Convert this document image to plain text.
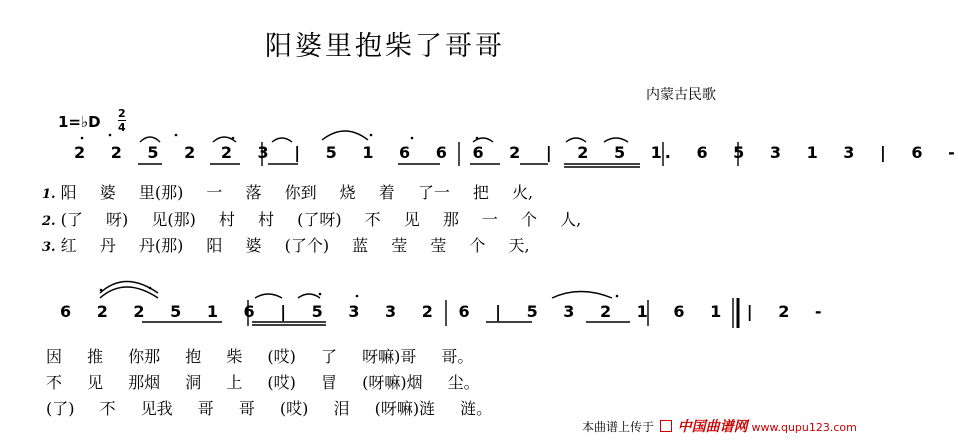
阳婆里抱柴了哥哥
内蒙古民歌
1=♭D 2
4
2 2 5 2 2 3 | 5 1 6 6 6 2 | 2 5 1. 6 5 3 1 3 | 6 -
1. 阳 婆 里(那) 一 落 你到 烧 着 了一 把 火,
2. (了 呀) 见(那) 村 村 (了呀) 不 见 那 一 个 人,
3. 红 丹 丹(那) 阳 婆 (了个) 蓝 莹 莹 个 天,
6 2 2 5 1 6 | 5 3 3 2 6 | 5 3 2 1 6 1 | 2 -
因 推 你那 抱 柴 (哎) 了 呀嘛)哥 哥。
不 见 那烟 洞 上 (哎) 冒 (呀嘛)烟 尘。
(了) 不 见我 哥 哥 (哎) 泪 (呀嘛)涟 涟。
本曲谱上传于 中国曲谱网 www.qupu123.com
